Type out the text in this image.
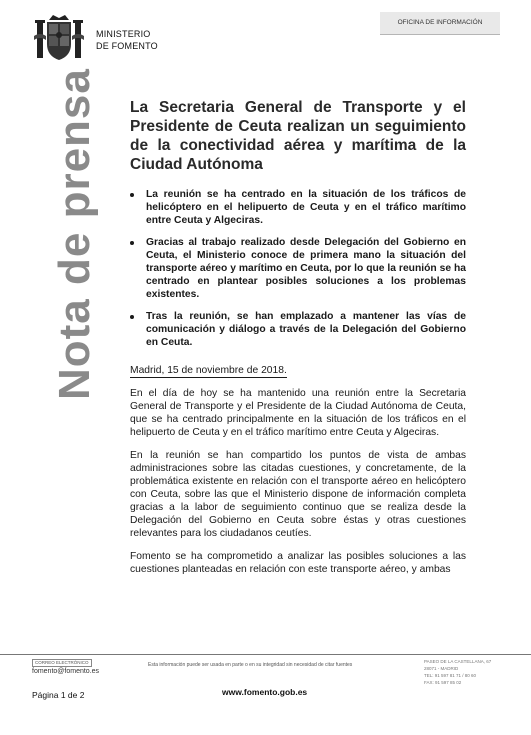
MINISTERIO
DE FOMENTO
OFICINA DE INFORMACIÓN
Nota de prensa	La Secretaria General de Transporte y el Presidente de Ceuta realizan un seguimiento de la conectividad aérea y marítima de la Ciudad Autónoma
La reunión se ha centrado en la situación de los tráficos de helicóptero en el helipuerto de Ceuta y en el tráfico marítimo entre Ceuta y Algeciras.
Gracias al trabajo realizado desde Delegación del Gobierno en Ceuta, el Ministerio conoce de primera mano la situación del transporte aéreo y marítimo en Ceuta, por lo que la reunión se ha centrado en plantear posibles soluciones a los problemas existentes.
Tras la reunión, se han emplazado a mantener las vías de comunicación y diálogo a través de la Delegación del Gobierno en Ceuta.
Madrid, 15 de noviembre de 2018.

En el día de hoy se ha mantenido una reunión entre la Secretaria General de Transporte y el Presidente de la Ciudad Autónoma de Ceuta, que se ha centrado principalmente en la situación de los tráficos en el helipuerto de Ceuta y en el tráfico marítimo entre Ceuta y Algeciras.

En la reunión se han compartido los puntos de vista de ambas administraciones sobre las citadas cuestiones, y concretamente, de la problemática existente en relación con el transporte aéreo en helicóptero con Ceuta, sobre las que el Ministerio dispone de información completa gracias a la labor de seguimiento continuo que se realiza desde la Delegación del Gobierno en Ceuta sobre éstas y otras cuestiones relevantes para los ciudadanos ceutíes.

Fomento se ha comprometido a analizar las posibles soluciones a las cuestiones planteadas en relación con este transporte aéreo, y ambas

CORREO ELECTRÓNICO
fomento@fomento.es
Página 1 de 2
Esta información puede ser usada en parte o en su integridad sin necesidad de citar fuentes
www.fomento.gob.es
PASEO DE LA CASTELLANA, 67
28071 - MADRID
TEL: 91 597 81 71 / 80 60
FAX: 91 597 85 02
